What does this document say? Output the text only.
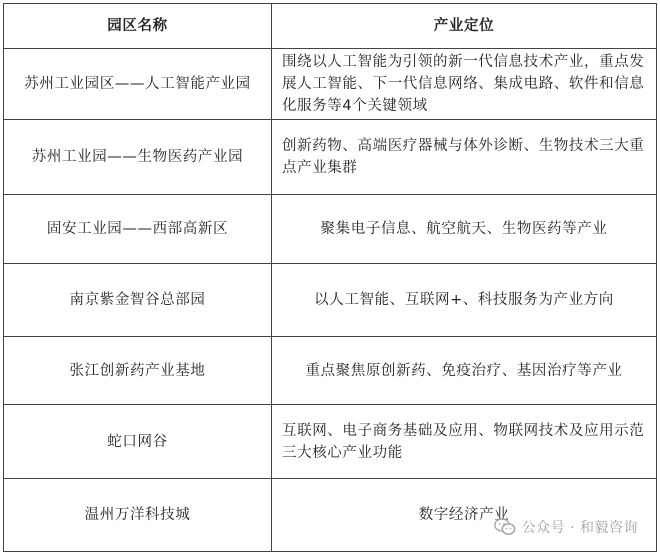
园区名称	产业定位
苏州工业园区——人工智能产业园	围绕以人工智能为引领的新一代信息技术产业，重点发展人工智能、下一代信息网络、集成电路、软件和信息化服务等4个关键领域
苏州工业园——生物医药产业园	创新药物、高端医疗器械与体外诊断、生物技术三大重点产业集群
固安工业园——西部高新区	聚集电子信息、航空航天、生物医药等产业
南京紫金智谷总部园	以人工智能、互联网+、科技服务为产业方向
张江创新药产业基地	重点聚焦原创新药、免疫治疗、基因治疗等产业
蛇口网谷	互联网、电子商务基础及应用、物联网技术及应用示范三大核心产业功能
温州万洋科技城	数字经济产业
公众号 · 和毅咨询
